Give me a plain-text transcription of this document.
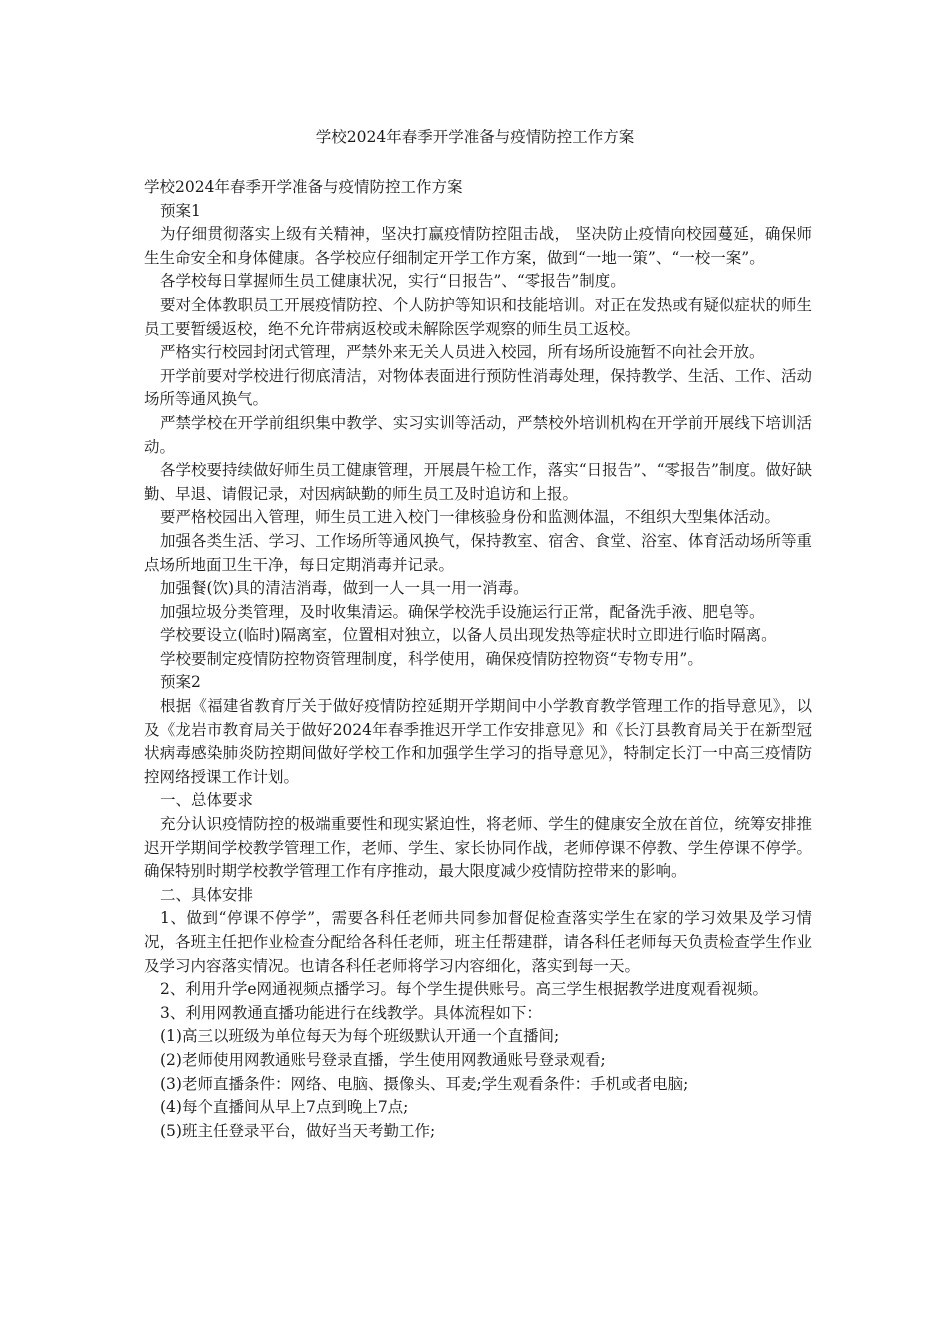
学校2024年春季开学准备与疫情防控工作方案

学校2024年春季开学准备与疫情防控工作方案

预案1

为仔细贯彻落实上级有关精神，坚决打赢疫情防控阻击战， 坚决防止疫情向校园蔓延，确保师生生命安全和身体健康。各学校应仔细制定开学工作方案，做到“一地一策”、“一校一案”。

各学校每日掌握师生员工健康状况，实行“日报告”、“零报告”制度。

要对全体教职员工开展疫情防控、个人防护等知识和技能培训。对正在发热或有疑似症状的师生员工要暂缓返校，绝不允许带病返校或未解除医学观察的师生员工返校。

严格实行校园封闭式管理，严禁外来无关人员进入校园，所有场所设施暂不向社会开放。

开学前要对学校进行彻底清洁，对物体表面进行预防性消毒处理，保持教学、生活、工作、活动场所等通风换气。

严禁学校在开学前组织集中教学、实习实训等活动，严禁校外培训机构在开学前开展线下培训活动。

各学校要持续做好师生员工健康管理，开展晨午检工作，落实“日报告”、“零报告”制度。做好缺勤、早退、请假记录，对因病缺勤的师生员工及时追访和上报。

要严格校园出入管理，师生员工进入校门一律核验身份和监测体温，不组织大型集体活动。

加强各类生活、学习、工作场所等通风换气，保持教室、宿舍、食堂、浴室、体育活动场所等重点场所地面卫生干净，每日定期消毒并记录。

加强餐(饮)具的清洁消毒，做到一人一具一用一消毒。

加强垃圾分类管理，及时收集清运。确保学校洗手设施运行正常，配备洗手液、肥皂等。

学校要设立(临时)隔离室，位置相对独立，以备人员出现发热等症状时立即进行临时隔离。

学校要制定疫情防控物资管理制度，科学使用，确保疫情防控物资“专物专用”。

预案2

根据《福建省教育厅关于做好疫情防控延期开学期间中小学教育教学管理工作的指导意见》，以及《龙岩市教育局关于做好2024年春季推迟开学工作安排意见》和《长汀县教育局关于在新型冠状病毒感染肺炎防控期间做好学校工作和加强学生学习的指导意见》，特制定长汀一中高三疫情防控网络授课工作计划。

一、总体要求

充分认识疫情防控的极端重要性和现实紧迫性，将老师、学生的健康安全放在首位，统筹安排推迟开学期间学校教学管理工作，老师、学生、家长协同作战，老师停课不停教、学生停课不停学。确保特别时期学校教学管理工作有序推动，最大限度减少疫情防控带来的影响。

二、具体安排

1、做到“停课不停学”，需要各科任老师共同参加督促检查落实学生在家的学习效果及学习情况，各班主任把作业检查分配给各科任老师，班主任帮建群，请各科任老师每天负责检查学生作业及学习内容落实情况。也请各科任老师将学习内容细化，落实到每一天。

2、利用升学e网通视频点播学习。每个学生提供账号。高三学生根据教学进度观看视频。

3、利用网教通直播功能进行在线教学。具体流程如下：

(1)高三以班级为单位每天为每个班级默认开通一个直播间;

(2)老师使用网教通账号登录直播，学生使用网教通账号登录观看;

(3)老师直播条件：网络、电脑、摄像头、耳麦;学生观看条件：手机或者电脑;

(4)每个直播间从早上7点到晚上7点;

(5)班主任登录平台，做好当天考勤工作;
